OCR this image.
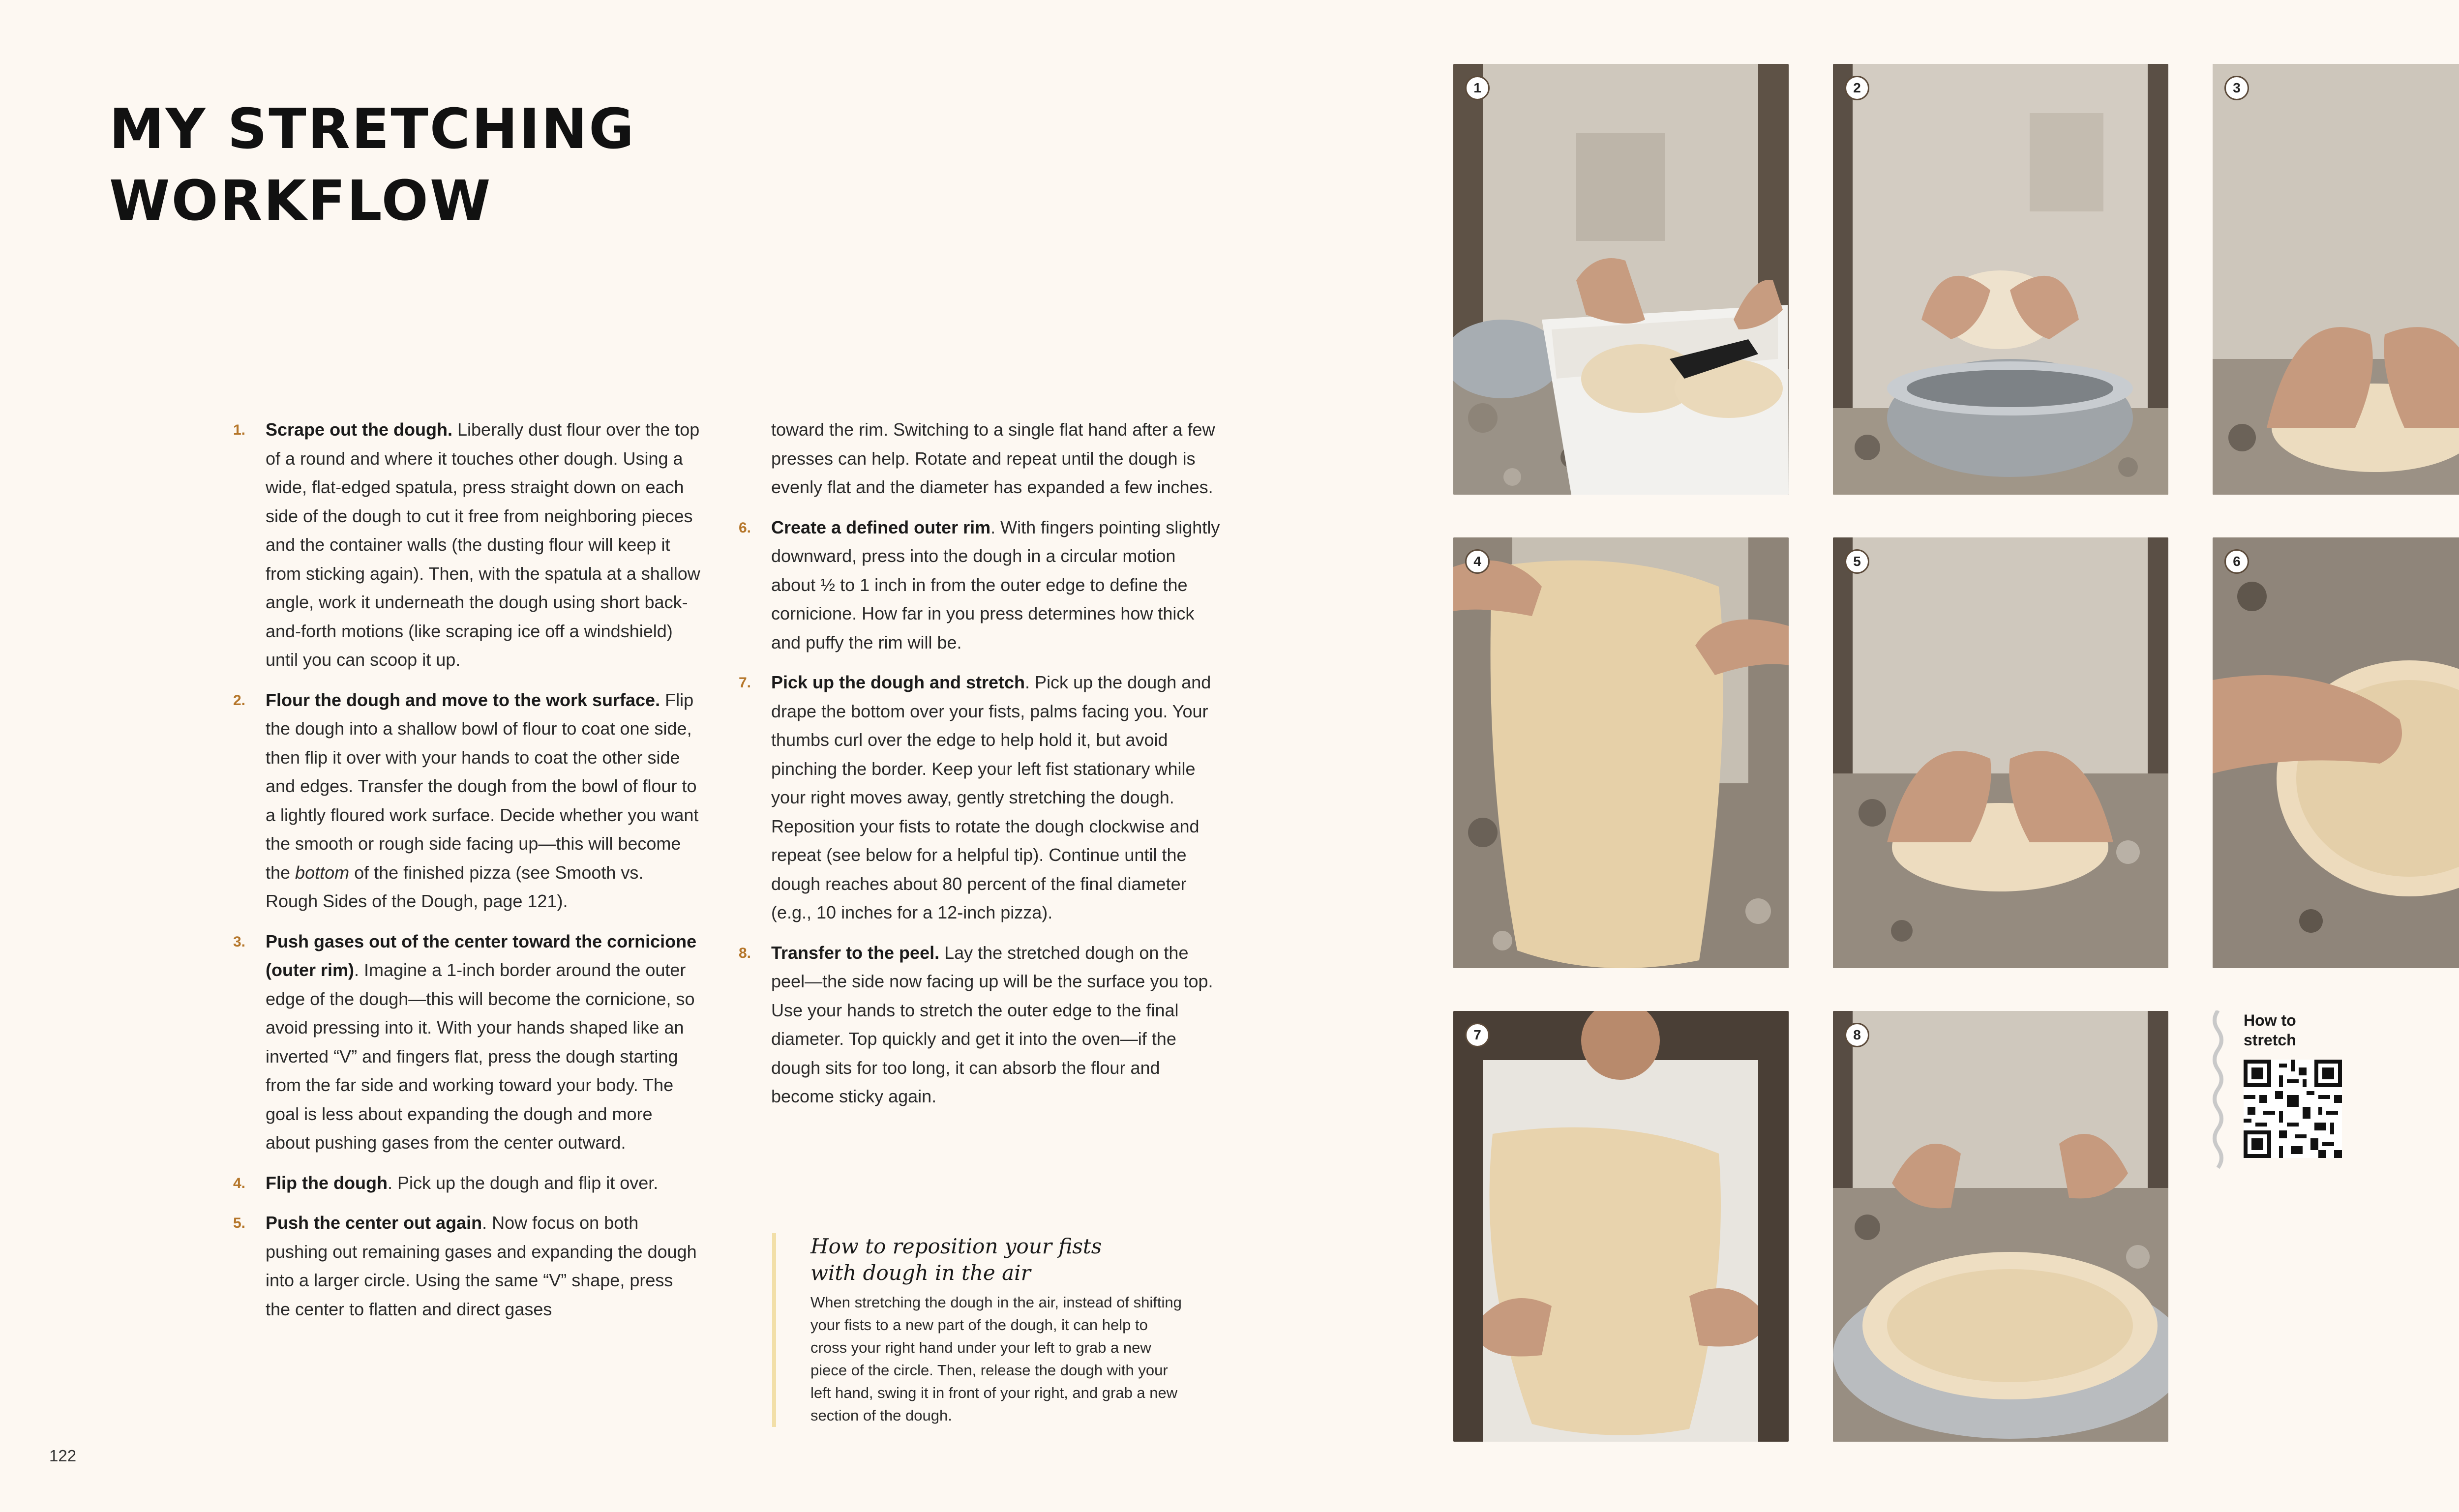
MY STRETCHING
WORKFLOW
1. Scrape out the dough. Liberally dust flour over the top of a round and where it touches other dough. Using a wide, flat-edged spatula, press straight down on each side of the dough to cut it free from neighboring pieces and the container walls (the dusting flour will keep it from sticking again). Then, with the spatula at a shallow angle, work it underneath the dough using short back-and-forth motions (like scraping ice off a windshield) until you can scoop it up.
2. Flour the dough and move to the work surface. Flip the dough into a shallow bowl of flour to coat one side, then flip it over with your hands to coat the other side and edges. Transfer the dough from the bowl of flour to a lightly floured work surface. Decide whether you want the smooth or rough side facing up—this will become the bottom of the finished pizza (see Smooth vs. Rough Sides of the Dough, page 121).
3. Push gases out of the center toward the cornicione (outer rim). Imagine a 1-inch border around the outer edge of the dough—this will become the cornicione, so avoid pressing into it. With your hands shaped like an inverted “V” and fingers flat, press the dough starting from the far side and working toward your body. The goal is less about expanding the dough and more about pushing gases from the center outward.
4. Flip the dough. Pick up the dough and flip it over.
5. Push the center out again. Now focus on both pushing out remaining gases and expanding the dough into a larger circle. Using the same “V” shape, press the center to flatten and direct gases
toward the rim. Switching to a single flat hand after a few presses can help. Rotate and repeat until the dough is evenly flat and the diameter has expanded a few inches.
6. Create a defined outer rim. With fingers pointing slightly downward, press into the dough in a circular motion about ½ to 1 inch in from the outer edge to define the cornicione. How far in you press determines how thick and puffy the rim will be.
7. Pick up the dough and stretch. Pick up the dough and drape the bottom over your fists, palms facing you. Your thumbs curl over the edge to help hold it, but avoid pinching the border. Keep your left fist stationary while your right moves away, gently stretching the dough. Reposition your fists to rotate the dough clockwise and repeat (see below for a helpful tip). Continue until the dough reaches about 80 percent of the final diameter (e.g., 10 inches for a 12-inch pizza).
8. Transfer to the peel. Lay the stretched dough on the peel—the side now facing up will be the surface you top. Use your hands to stretch the outer edge to the final diameter. Top quickly and get it into the oven—if the dough sits for too long, it can absorb the flour and become sticky again.
How to reposition your fists with dough in the air
When stretching the dough in the air, instead of shifting your fists to a new part of the dough, it can help to cross your right hand under your left to grab a new piece of the circle. Then, release the dough with your left hand, swing it in front of your right, and grab a new section of the dough.
122
1	2	3
4	5	6
7	8
How to stretch
